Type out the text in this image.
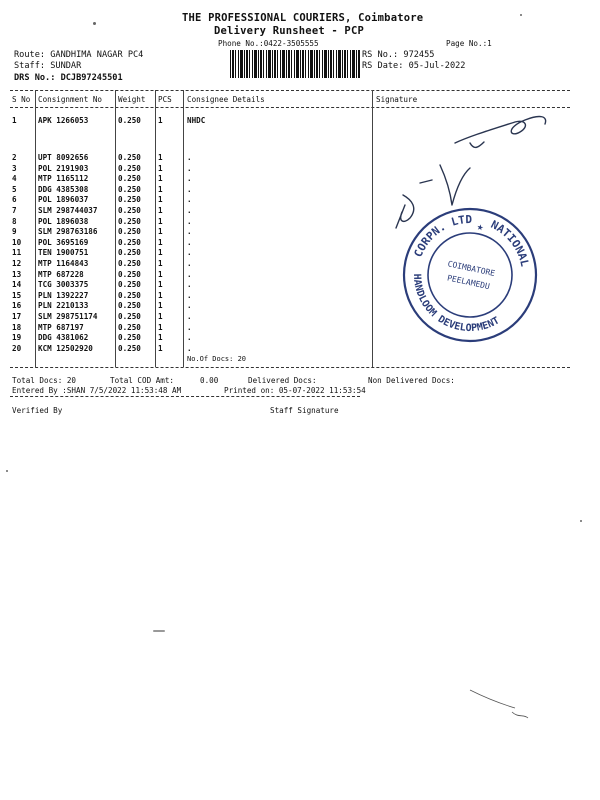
THE PROFESSIONAL COURIERS, Coimbatore
Delivery Runsheet - PCP
Phone No.:0422-3505555	Page No.:1
Route: GANDHIMA NAGAR PC4
Staff: SUNDAR
DRS No.: DCJB97245501
RS No.: 972455
RS Date: 05-Jul-2022
S No Consignment No Weight PCS Consignee Details	Signature
1	APK 1266053	0.250 1	NHDC
2	UPT 8092656	0.250 1	.
3	POL 2191903	0.250 1	.
4	MTP 1165112	0.250 1	.
5	DDG 4385308	0.250 1	.
6	POL 1896037	0.250 1	.
7	SLM 298744037	0.250 1	.
8	POL 1896038	0.250 1	.
9	SLM 298763186	0.250 1	.
10 POL 3695169	0.250 1	.
11 TEN 1900751	0.250 1	.
12 MTP 1164843	0.250 1	.
13 MTP 687228	0.250 1	.
14 TCG 3003375	0.250 1	.
15 PLN 1392227	0.250 1	.
16 PLN 2210133	0.250 1	.
17 SLM 298751174	0.250 1	.
18 MTP 687197	0.250 1	.
19 DDG 4381062	0.250 1	.
20 KCM 12502920	0.250 1	.
No.Of Docs: 20
Total Docs: 20	Total COD Amt:	0.00	Delivered Docs:	Non Delivered Docs:
Entered By :SHAN 7/5/2022 11:53:48 AM	Printed on: 05-07-2022 11:53:54
Verified By	Staff Signature
CORPN. LTD	NATIONAL
HANDLOOM DEVELOPMENT
COIMBATORE
PEELAMEDU
★
